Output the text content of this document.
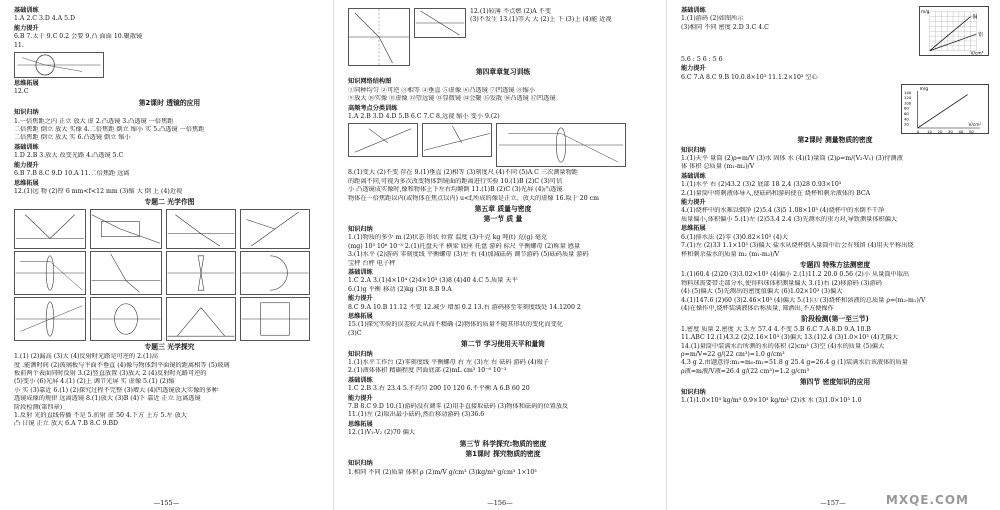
基础训练
1.A 2.C 3.D 4.A 5.D
能力提升
6.B 7.太于 9.C 0.2 会要 9.凸 面面 10.聚散镜
11.
思维拓展
12.C
第2课时 透镜的应用
知识归纳
1.一倍焦距之内 正立 放大 虚 2.凸透镜 3.凸透镜 一倍焦距
二倍焦距 倒立 放大 实像 4.二倍焦距 倒立 缩小 实 5.凸透镜 一倍焦距
二倍焦距 倒立 放大 实 6.凸透镜 倒立 缩小
基础训练
1.D 2.B 3.放大 改变光路 4.凸透镜 5.C
能力提升
6.B 7.B 8.C 9.D 10.A 11.二倍焦距 远离
思维拓展
12.(1)远 物 (2)厚 6 mm<f<12 mm (3)缩 大 倒 上 (4)近视
专题二 光学作图
专题三 光学探究
1.(1) (2)漏高 (3)大 (4)反射时光路是可逆的 2.(1)高
度 .能测时间 (2)玻璃板与平面不垂直 (4)像与物体到平面镜的距离相等 (5)玻璃
板前两个表面同时反射 3.(2)竖直放置 (3)放大 2 (4)反射时光路可逆的
(5)变小 (6)光屏 4.(1) (2)上 调节光屏 实 虚像 5.(1) (2)缩
小 实 (3)靠近 6.(1) (2)探究过程不完整 (3)增大 (4)凹透镜放大实像的多种
透镜成像的规律 远离透镜 8.(1)放大 (3)B (4)下 靠近 正立 远离透镜
阶段检测(第四章)
1.反射 光的直线传播 不是 5.折射 虚 50 4.下方 上方 5.左 放大
凸 日镜 正立 放大 6.A 7.B 8.C 9.BD
—155—
12.(1)较薄 不点燃 (2)A 不变
(3)不发生 13.(1)等大 大 (2)上 下 (3)上 (4)能 近视
第四章章复习训练
知识网络结构图
①同种均匀 ②可逆 ③相等 ④垂直 ⑤虚像 ⑥凸透镜 ⑦凹透镜 ⑧缩小
⑨放大 ⑩实像 ⑪虚像 ⑫望远镜 ⑬显微镜 ⑭会聚 ⑮发散 ⑯凸透镜 ⑰凹透镜
高频考点分类训练
1.A 2.B 3.D 4.D 5.B 6.C 7.C 8.远视 缩小 变小 9.(2)
8.(1)变大 (2)不变 存在 9.(1)垂直 (2)相等 (3)刻度尺 (4)不同 (5)A C 三次测量物距
的距离不同,可视为多次改变物体到镜面的距离进行实验 10.(1)B (2)C (3)可信
小 凸透镜成实像时,像和物体上下左右均颠倒 11.(1)B (2)C (3)光屏 (4)凸透镜
物体在一倍焦距以内(或物体在焦点以内) u<f,所成的像是正立、放大的虚像 16.取于 20 cm
第五章 质量与密度
第一节 质 量
知识归纳
1.(1)物质的多少 m (2)状态 形状 位置 温度 (3)千克 kg 吨(t) 克(g) 毫克
(mg) 10³ 10⁶ 10⁻³ 2.(1)托盘天平 横梁 底座 托盘 游码 标尺 平衡螺母 (2)称量 感量
3.(1)水平 (2)游码 零刻度线 平衡螺母 (3)左 右 (4)加减砝码 调节游码 (5)砝码质量 游码
宝秤 台秤 电子秤
基础训练
1.C 2.A 3.(1)4×10⁴ (2)4×10³ (3)8 (4)40 4.C 5.质量 天平
6.(1)g 平衡 移动 (2)kg (3)t 8.B 9.A
能力提升
8.C 9.A 10.B 11.12 不变 12.减少 增加 0.2 13.右 游码移至零刻度线处 14.1200 2
思维拓展
15.(1)探究实验的误差较大从而不精确 (2)物体的质量不随其形状的变化而变化
(3)C
第二节 学习使用天平和量筒
知识归纳
1.(1)水平工作台 (2)零刻度线 平衡螺母 右 左 (3)左 右 砝码 游码 (4)镊子
2.(1)液体体积 精确程度 凹面底部 (2)mL cm³ 10⁻⁶ 10⁻³
基础训练
1.C 2.B 3.右 23.4 5.不均匀 200 10 120 6.不平衡 A 6.B 60 20
能力提升
7.B 8.C 9.D 10.(1)游码没有调零 (2)用手直接取砝码 (3)物体和砝码的位置放反
11.(1)左 (2)取出最小砝码,然后移动游码 (3)36.6
思维拓展
12.(1)V₁-V₂ (2)70 偏大
第三节 科学探究:物质的密度
第1课时 探究物质的密度
知识归纳
1.相同 不同 (2)质量 体积 ρ (2)m/V g/cm³ (3)kg/m³ g/cm³ 1×10³
—156—
基础训练
1.(1)游码 (2)如图所示
(3)相同 不同 密度 2.D 3.C 4.C
铜
铝
m/g
V/cm³
5.6 : 5 6 : 5 6
能力提升
6.C 7.A 8.C 9.B 10.0.8×10³ 11.1.2×10³ 空心
140
120
100
80
60
40
20
0 10 20 30 40 50
m/g
V/cm³
第2课时 测量物质的密度
知识归纳
1.(1)天平 量筒 (2)ρ=m/V (3)水 固体 水 (4)(1)量筒 (2)ρ=m/(V₂-V₁) (3)待测液
体 体积 总质量 (m₁-m₂)/V
基础训练
1.(1)水平 右 (2)43.2 (3)2 底部 18 2.4 (3)28 0.93×10³
2.(1)量筒中将剩液体导入,使砝码和游码使在 烧杯和剩余液体的 BCA
能力提升
4.(1)烧杯中的水难以倒净 (2)5.4 (3)5 1.08×10³ (4)烧杯中的水倒不干净
质量偏小,体积偏小 5.(1)左 (2)53.4 2.4 (3)先测水的重力对,导致测量体积偏大
思维拓展
6.(1)排水法 (2)零 (3)0.82×10³ (4)大
7.(1)左 (2)33 1.1×10³ (3)偏大 盐水从烧杯倒入量筒中后会有残留 (4)用天平称出烧
杯和剩余盐水的质量 m₂ (m₁-m₂)/V
专题四 特殊方法测密度
1.(1)60.4 (2)20 (3)3.02×10³ (4)偏小 2.(1)11.2 20.0 0.56 (2)小 从量筒中取出
物料球需要带走部分水,使得料球体积测量偏大 3.(1)右 (2)移游码 (3)游码
(4) (5)偏大 (5)先测出的密度值偏大 (6)1.02×10³ (3)偏大
4.(1)147.6 (2)60 (3)2.46×10³ (4)偏大 5.(1)③ (3)烧杯和溶液的总质量 ρ=(m₂-m₁)/V
(4)在操作中,烧杯装满液体后称质量, 筛洒出,不方便操作
阶段检测(第一至三节)
1.密度 质量 2.密度 大 3.左 57.4 4.不变 5.B 6.C 7.A 8.D 9.A 10.B
11.ABC 12.(1)43.2 (2)2.16×10³ (3)偏大 13.(1)2.4 (3)1.0×10³ (4)无偏大
14.(1)量筒中装满水后所测的水的体积 (2)cm³ (3)空 (4)水的质量 (5)偏大
ρ=m/V=22 g/(22 cm³)=1.0 g/cm³
4.3 g 2.由题意得:m₁=m₀-m₁=51.8 g 25.4 g=26.4 g (1)装满水后该液体的质量
ρ液=m液/V液=26.4 g/(22 cm³)=1.2 g/cm³
第四节 密度知识的应用
知识归纳
1.(1)1.0×10³ kg/m³ 0.9×10³ kg/m³ (2)冰 水 (3)1.0×10³ 1.0
—157—	MXQE.COM
